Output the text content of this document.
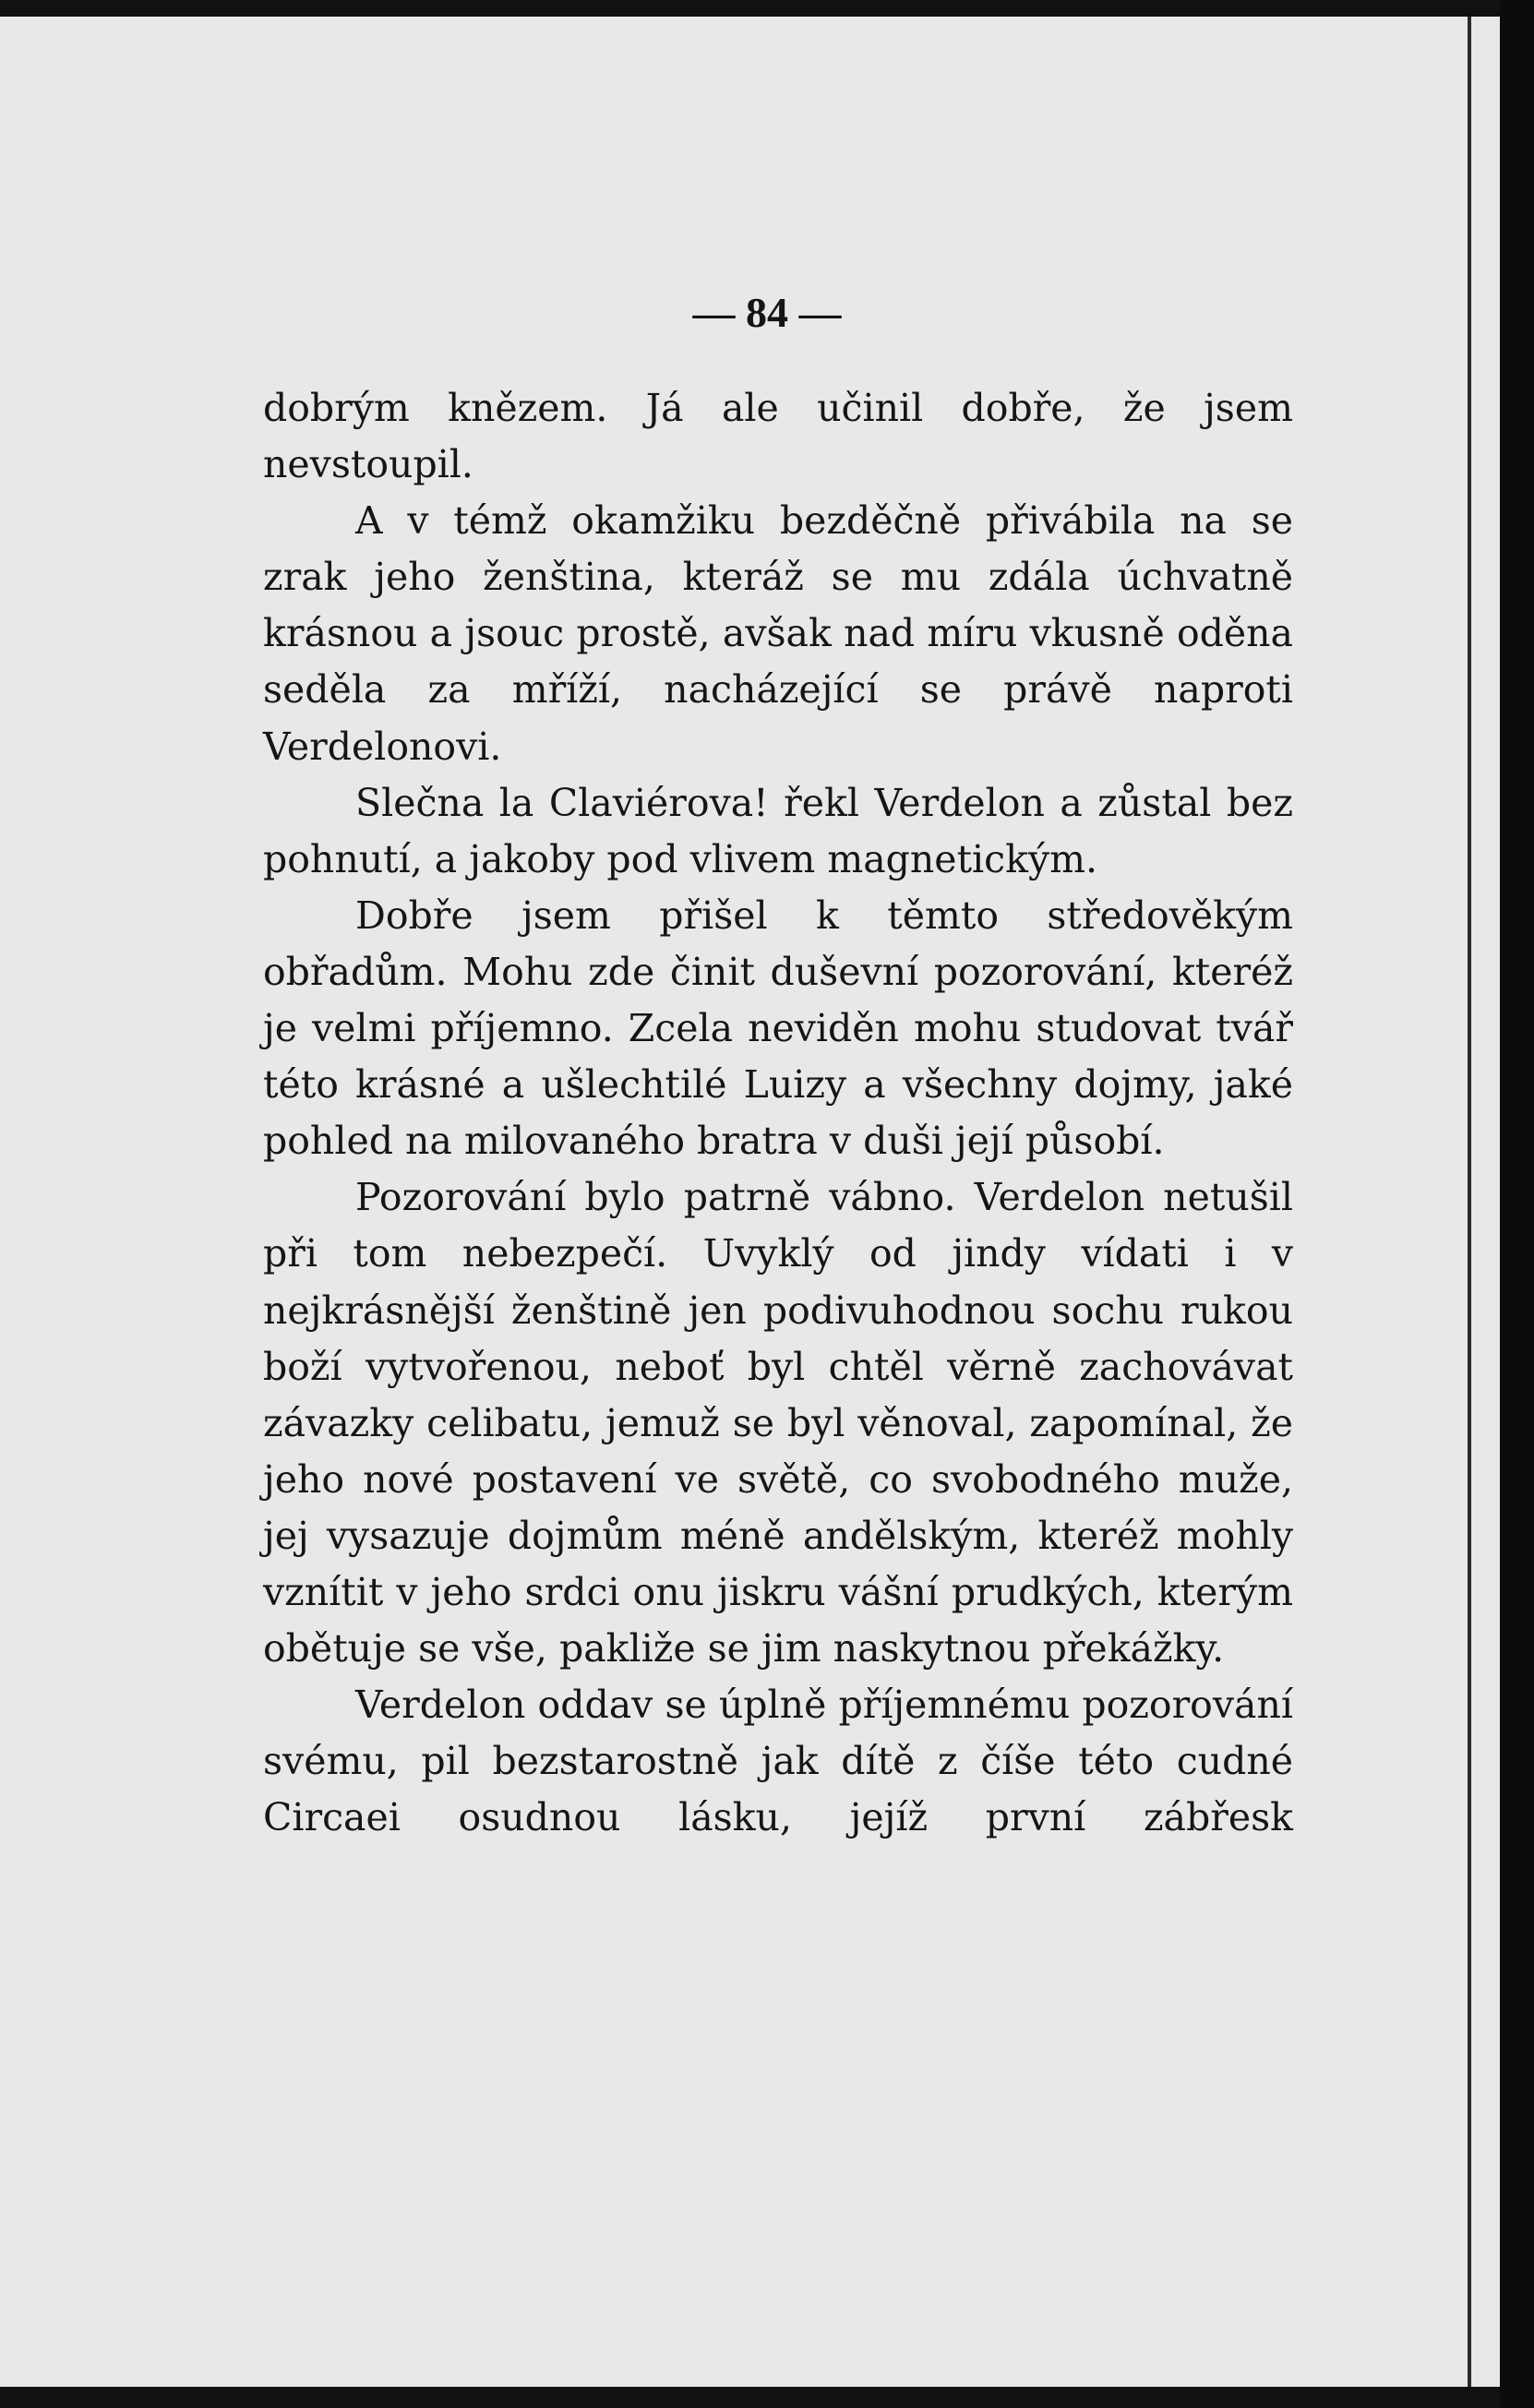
— 84 —

dobrým knězem. Já ale učinil dobře, že jsem nevstoupil.

A v témž okamžiku bezděčně přivábila na se zrak jeho ženština, kteráž se mu zdála úchvatně krásnou a jsouc prostě, avšak nad míru vkusně oděna seděla za mříží, nacházející se právě naproti Verdelonovi.

Slečna la Claviérova! řekl Verdelon a zůstal bez pohnutí, a jakoby pod vlivem magnetickým.

Dobře jsem přišel k těmto středověkým obřadům. Mohu zde činit duševní pozorování, kteréž je velmi příjemno. Zcela neviděn mohu studovat tvář této krásné a ušlechtilé Luizy a všechny dojmy, jaké pohled na milovaného bratra v duši její působí.

Pozorování bylo patrně vábno. Verdelon netušil při tom nebezpečí. Uvyklý od jindy vídati i v nejkrásnější ženštině jen podivuhodnou sochu rukou boží vytvořenou, neboť byl chtěl věrně zachovávat závazky celibatu, jemuž se byl věnoval, zapomínal, že jeho nové postavení ve světě, co svobodného muže, jej vysazuje dojmům méně andělským, kteréž mohly vznítit v jeho srdci onu jiskru vášní prudkých, kterým obětuje se vše, pakliže se jim naskytnou překážky.

Verdelon oddav se úplně příjemnému pozorování svému, pil bezstarostně jak dítě z číše této cudné Circaei osudnou lásku, jejíž první zábřesk
